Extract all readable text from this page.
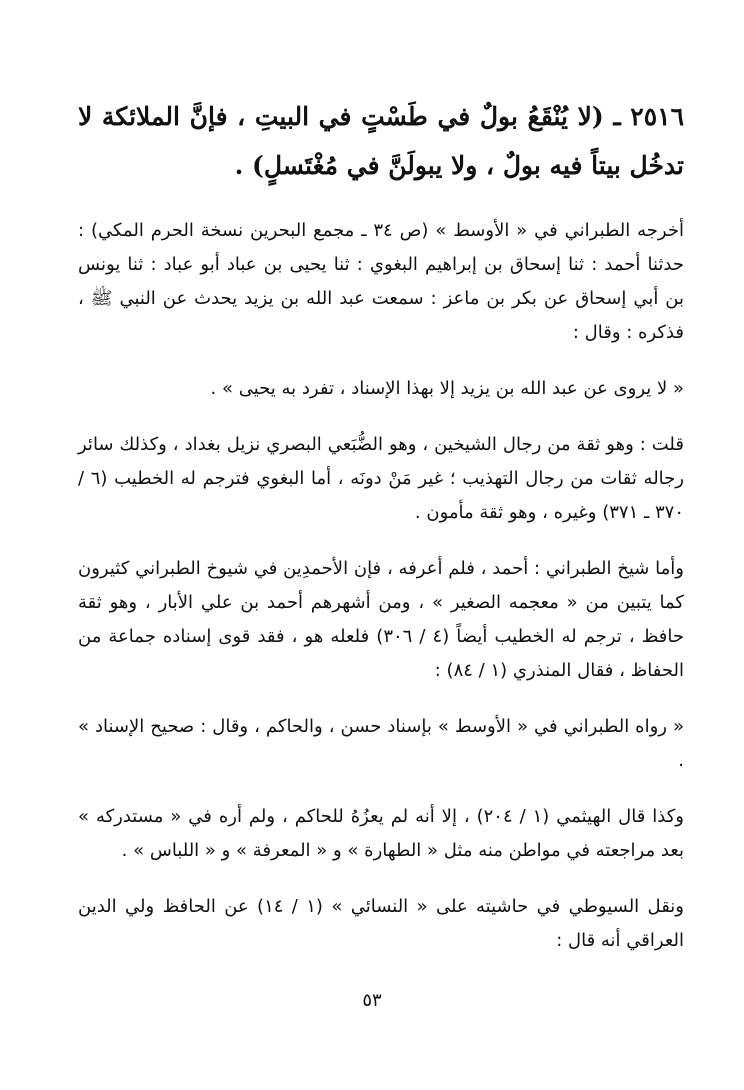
٢٥١٦ ـ (لا يُنْقَعُ بولٌ في طَسْتٍ في البيتِ ، فإنَّ الملائكة لا تدخُل بيتاً فيه بولٌ ، ولا يبولَنَّ في مُغْتَسلٍ) .
أخرجه الطبراني في « الأوسط » (ص ٣٤ ـ مجمع البحرين نسخة الحرم المكي) : حدثنا أحمد : ثنا إسحاق بن إبراهيم البغوي : ثنا يحيى بن عباد أبو عباد : ثنا يونس بن أبي إسحاق عن بكر بن ماعز : سمعت عبد الله بن يزيد يحدث عن النبي ﷺ ، فذكره : وقال :
« لا يروى عن عبد الله بن يزيد إلا بهذا الإسناد ، تفرد به يحيى » .
قلت : وهو ثقة من رجال الشيخين ، وهو الضُّبَعي البصري نزيل بغداد ، وكذلك سائر رجاله ثقات من رجال التهذيب ؛ غير مَنْ دونَه ، أما البغوي فترجم له الخطيب (٦ / ٣٧٠ ـ ٣٧١) وغيره ، وهو ثقة مأمون .
وأما شيخ الطبراني : أحمد ، فلم أعرفه ، فإن الأحمدِين في شيوخ الطبراني كثيرون كما يتبين من « معجمه الصغير » ، ومن أشهرهم أحمد بن علي الأبار ، وهو ثقة حافظ ، ترجم له الخطيب أيضاً (٤ / ٣٠٦) فلعله هو ، فقد قوى إسناده جماعة من الحفاظ ، فقال المنذري (١ / ٨٤) :
« رواه الطبراني في « الأوسط » بإسناد حسن ، والحاكم ، وقال : صحيح الإسناد » .
وكذا قال الهيثمي (١ / ٢٠٤) ، إلا أنه لم يعزُهُ للحاكم ، ولم أره في « مستدركه » بعد مراجعته في مواطن منه مثل « الطهارة » و « المعرفة » و « اللباس » .
ونقل السيوطي في حاشيته على « النسائي » (١ / ١٤) عن الحافظ ولي الدين العراقي أنه قال :
٥٣
